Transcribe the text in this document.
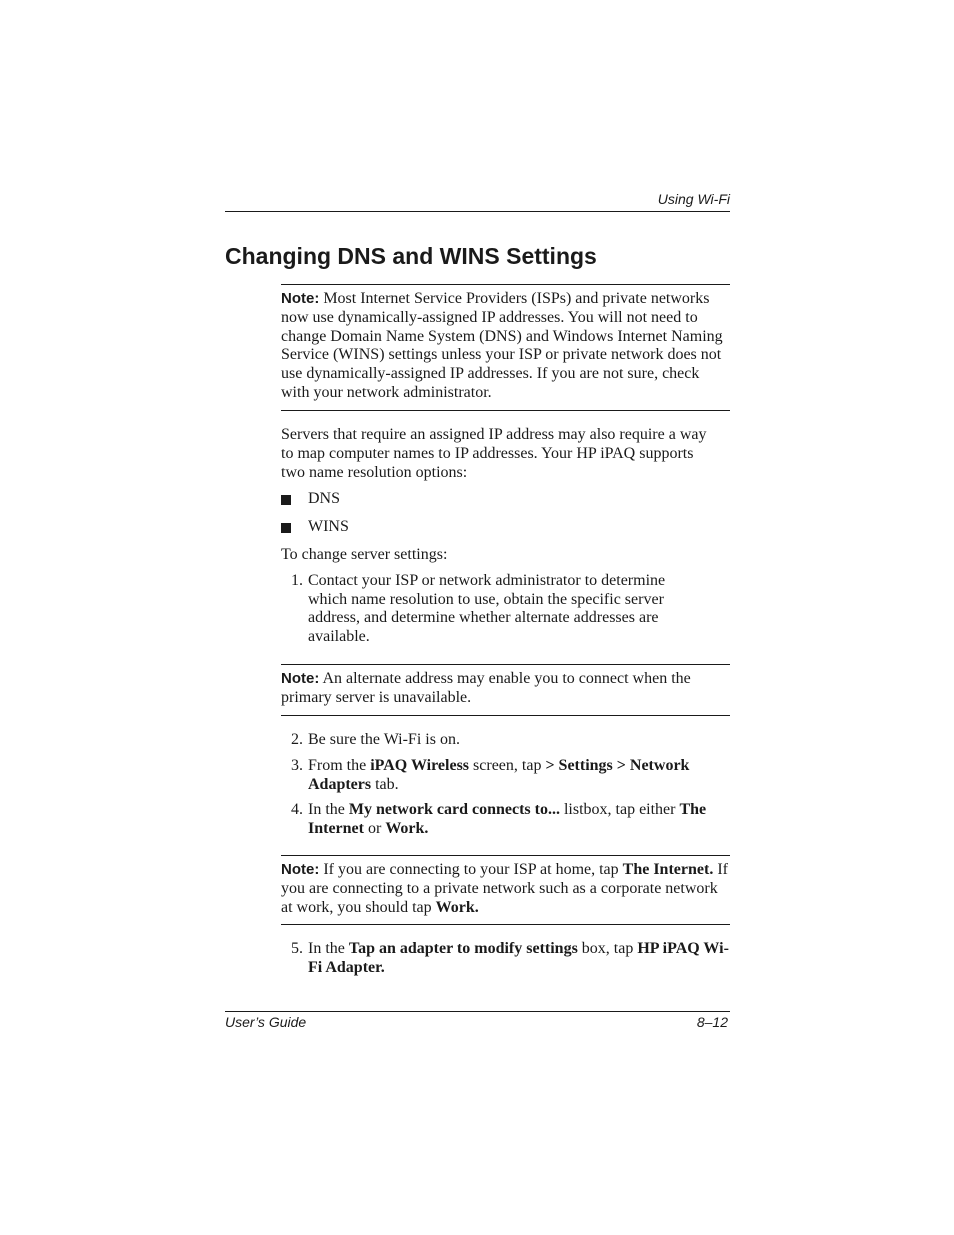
Using Wi-Fi
Changing DNS and WINS Settings
Note: Most Internet Service Providers (ISPs) and private networks now use dynamically-assigned IP addresses. You will not need to change Domain Name System (DNS) and Windows Internet Naming Service (WINS) settings unless your ISP or private network does not use dynamically-assigned IP addresses. If you are not sure, check with your network administrator.
Servers that require an assigned IP address may also require a way to map computer names to IP addresses. Your HP iPAQ supports two name resolution options:
DNS
WINS
To change server settings:
1. Contact your ISP or network administrator to determine which name resolution to use, obtain the specific server address, and determine whether alternate addresses are available.
Note: An alternate address may enable you to connect when the primary server is unavailable.
2. Be sure the Wi-Fi is on.
3. From the iPAQ Wireless screen, tap > Settings > Network Adapters tab.
4. In the My network card connects to... listbox, tap either The Internet or Work.
Note: If you are connecting to your ISP at home, tap The Internet. If you are connecting to a private network such as a corporate network at work, you should tap Work.
5. In the Tap an adapter to modify settings box, tap HP iPAQ Wi-Fi Adapter.
User’s Guide	8–12
